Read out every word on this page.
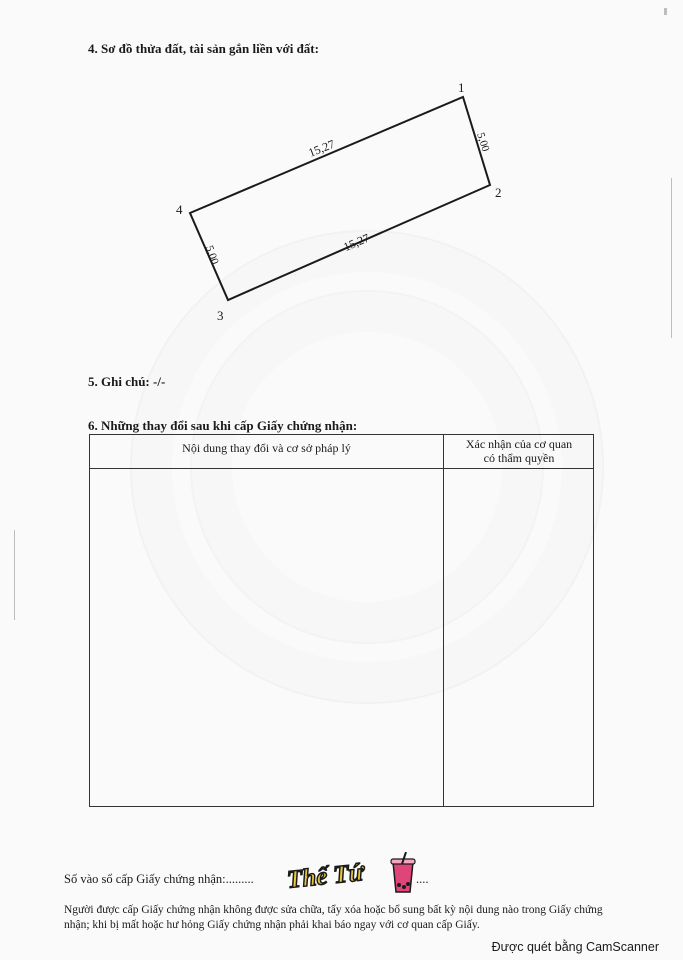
4. Sơ đồ thửa đất, tài sản gắn liền với đất:
1
2
3
4
15,27	5,00
15,27
5,00
5. Ghi chú: -/-
6. Những thay đổi sau khi cấp Giấy chứng nhận:
Nội dung thay đổi và cơ sở pháp lý	Xác nhận của cơ quan
có thẩm quyền
Số vào sổ cấp Giấy chứng nhận:.........	....
Thế Tứ
Người được cấp Giấy chứng nhận không được sửa chữa, tẩy xóa hoặc bổ sung bất kỳ nội dung nào trong Giấy chứng nhận; khi bị mất hoặc hư hỏng Giấy chứng nhận phải khai báo ngay với cơ quan cấp Giấy.
Được quét bằng CamScanner
